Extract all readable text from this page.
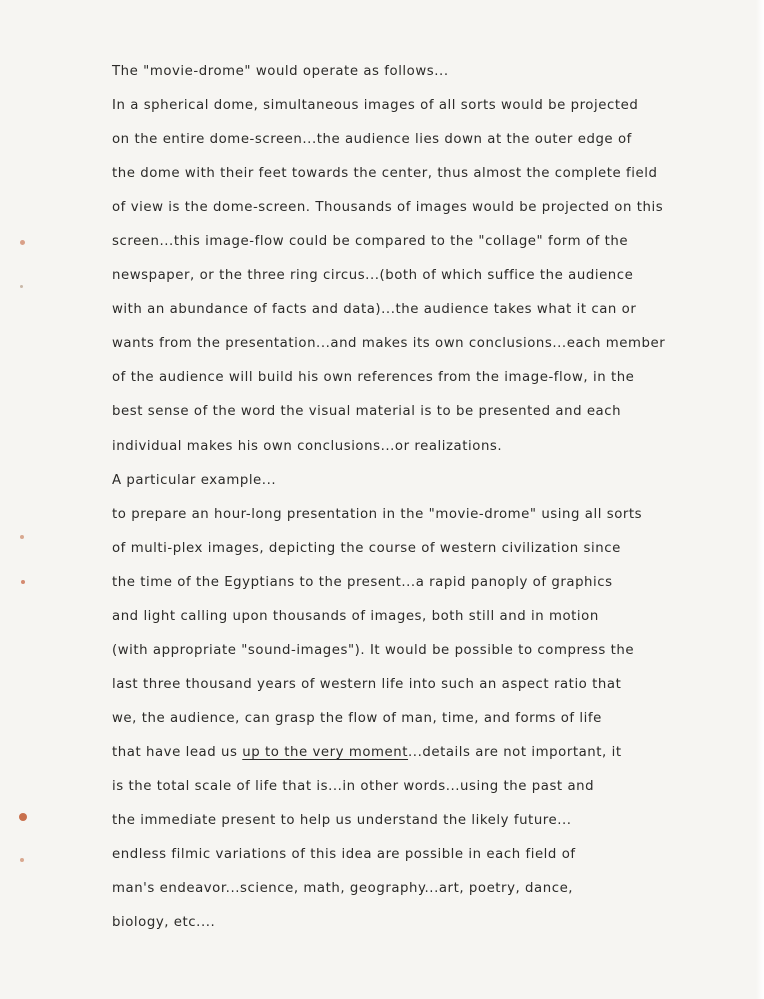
The "movie-drome" would operate as follows...
In a spherical dome, simultaneous images of all sorts would be projected
on the entire dome-screen...the audience lies down at the outer edge of
the dome with their feet towards the center, thus almost the complete field
of view is the dome-screen. Thousands of images would be projected on this
screen...this image-flow could be compared to the "collage" form of the
newspaper, or the three ring circus...(both of which suffice the audience
with an abundance of facts and data)...the audience takes what it can or
wants from the presentation...and makes its own conclusions...each member
of the audience will build his own references from the image-flow, in the
best sense of the word the visual material is to be presented and each
individual makes his own conclusions...or realizations.
A particular example...
to prepare an hour-long presentation in the "movie-drome" using all sorts
of multi-plex images, depicting the course of western civilization since
the time of the Egyptians to the present...a rapid panoply of graphics
and light calling upon thousands of images, both still and in motion
(with appropriate "sound-images"). It would be possible to compress the
last three thousand years of western life into such an aspect ratio that
we, the audience, can grasp the flow of man, time, and forms of life
that have lead us up to the very moment...details are not important, it
is the total scale of life that is...in other words...using the past and
the immediate present to help us understand the likely future...
endless filmic variations of this idea are possible in each field of
man's endeavor...science, math, geography...art, poetry, dance,
biology, etc....
